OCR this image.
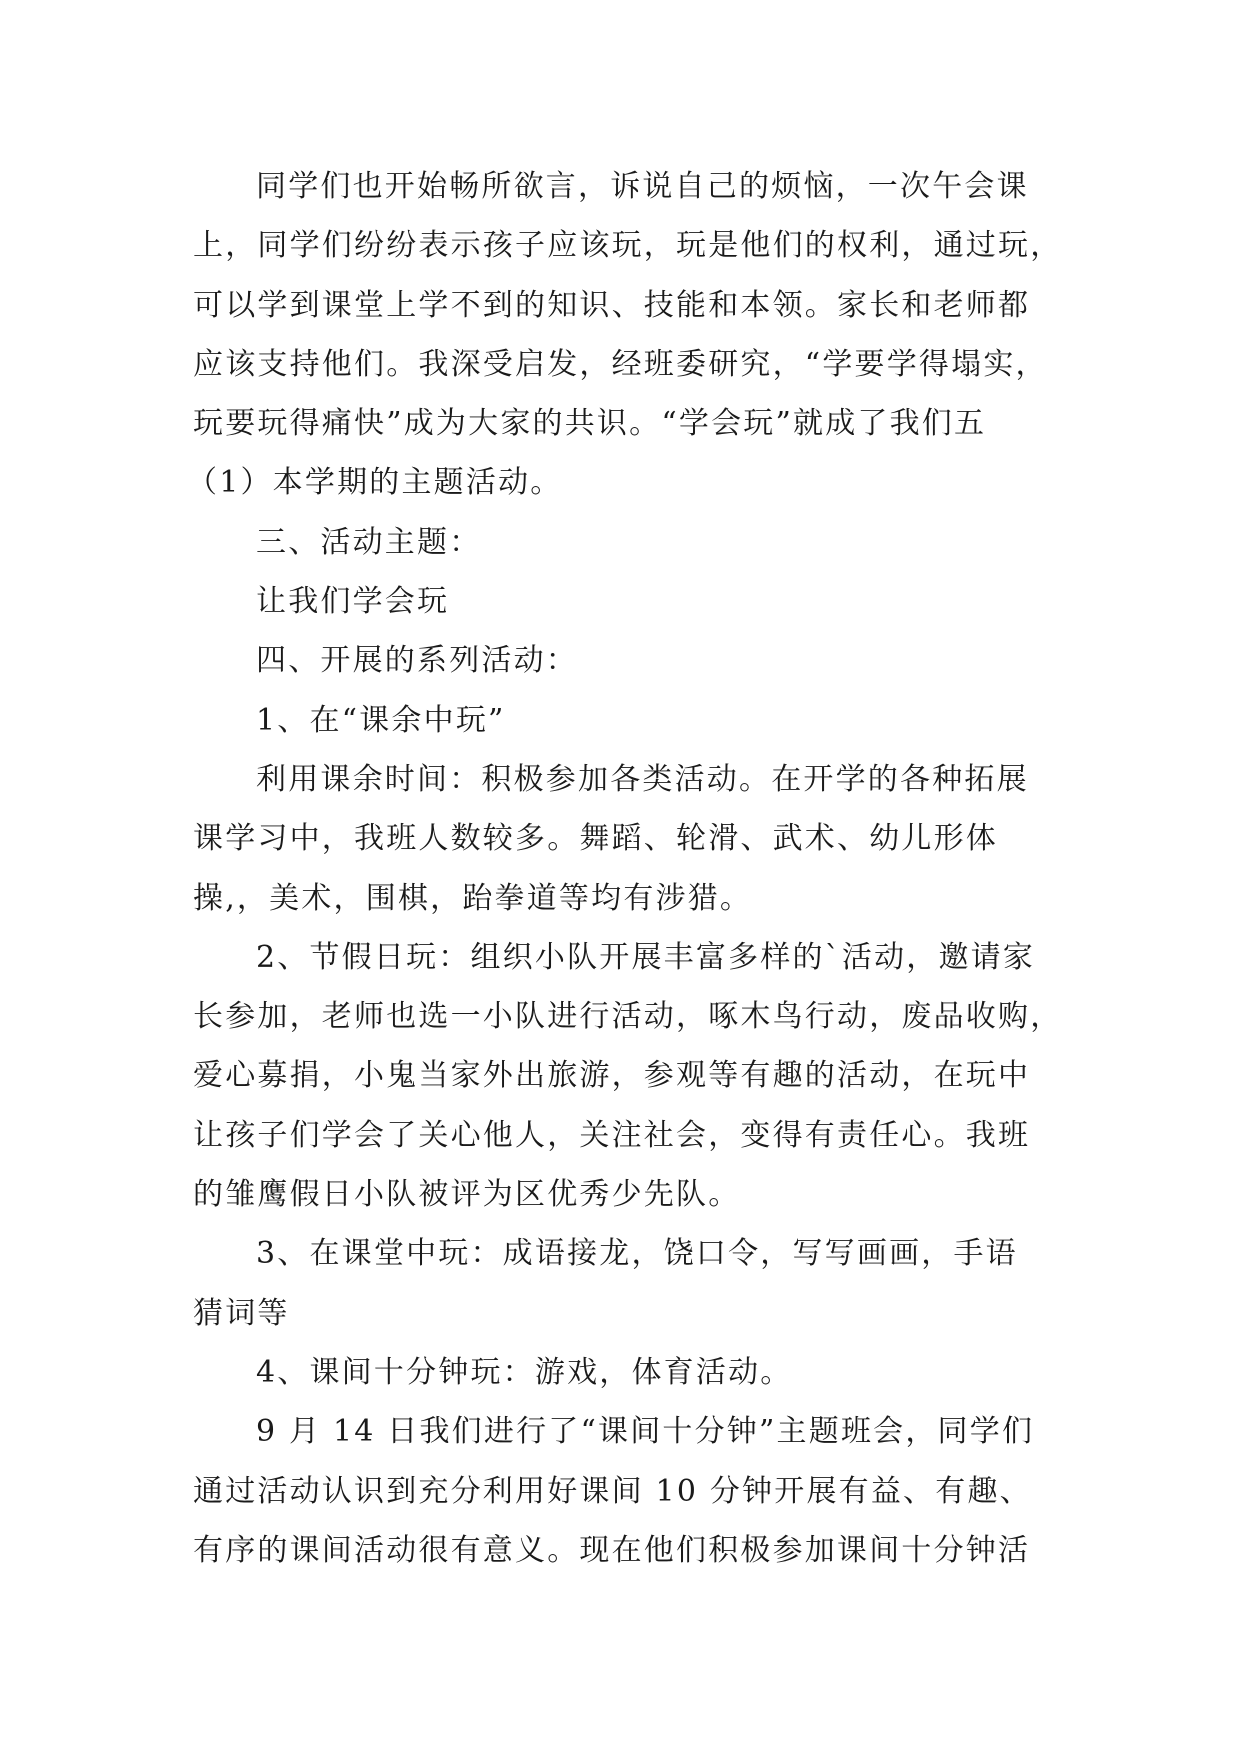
同学们也开始畅所欲言，诉说自己的烦恼，一次午会课
上，同学们纷纷表示孩子应该玩，玩是他们的权利，通过玩，
可以学到课堂上学不到的知识、技能和本领。家长和老师都
应该支持他们。我深受启发，经班委研究，“学要学得塌实，
玩要玩得痛快”成为大家的共识。“学会玩”就成了我们五
（1）本学期的主题活动。
三、活动主题：
让我们学会玩
四、开展的系列活动：
1、在“课余中玩”
利用课余时间：积极参加各类活动。在开学的各种拓展
课学习中，我班人数较多。舞蹈、轮滑、武术、幼儿形体
操,，美术，围棋，跆拳道等均有涉猎。
2、节假日玩：组织小队开展丰富多样的`活动，邀请家
长参加，老师也选一小队进行活动，啄木鸟行动，废品收购，
爱心募捐，小鬼当家外出旅游，参观等有趣的活动，在玩中
让孩子们学会了关心他人，关注社会，变得有责任心。我班
的雏鹰假日小队被评为区优秀少先队。
3、在课堂中玩：成语接龙，饶口令，写写画画，手语
猜词等
4、课间十分钟玩：游戏，体育活动。
9 月 14 日我们进行了“课间十分钟”主题班会，同学们
通过活动认识到充分利用好课间 10 分钟开展有益、有趣、
有序的课间活动很有意义。现在他们积极参加课间十分钟活
